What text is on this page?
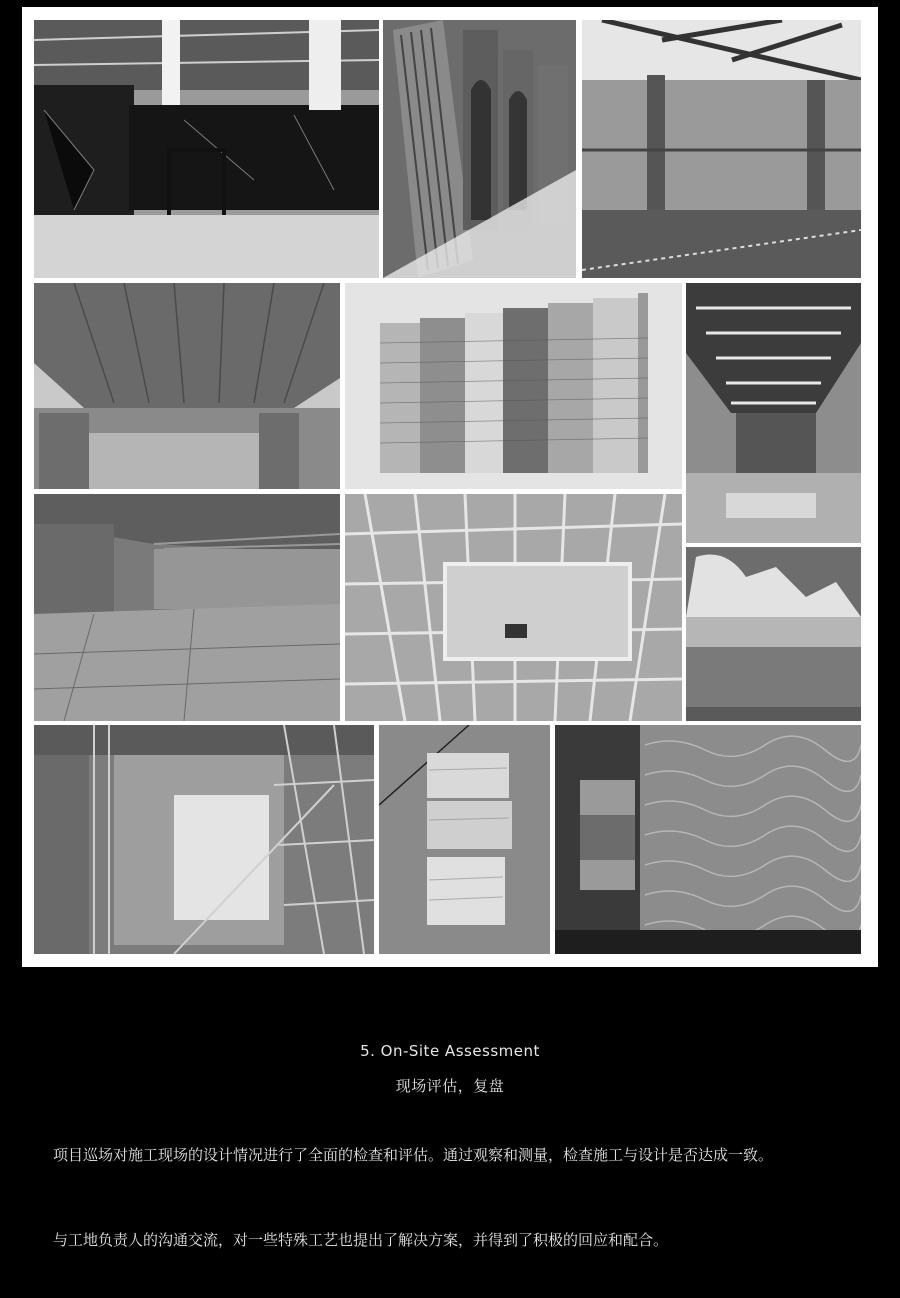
5. On-Site Assessment
现场评估，复盘
项目巡场对施工现场的设计情况进行了全面的检查和评估。通过观察和测量，检查施工与设计是否达成一致。
与工地负责人的沟通交流，对一些特殊工艺也提出了解决方案，并得到了积极的回应和配合。
